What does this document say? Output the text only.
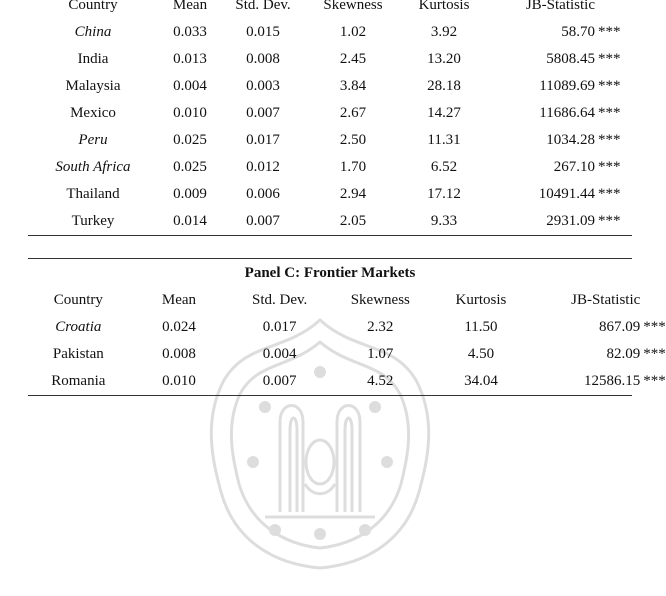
Country	Mean	Std. Dev.	Skewness	Kurtosis	JB-Statistic
China	0.033	0.015	1.02	3.92	58.70 ***
India	0.013	0.008	2.45	13.20	5808.45 ***
Malaysia	0.004	0.003	3.84	28.18	11089.69 ***
Mexico	0.010	0.007	2.67	14.27	11686.64 ***
Peru	0.025	0.017	2.50	11.31	1034.28 ***
South Africa	0.025	0.012	1.70	6.52	267.10 ***
Thailand	0.009	0.006	2.94	17.12	10491.44 ***
Turkey	0.014	0.007	2.05	9.33	2931.09 ***
Panel C: Frontier Markets					
Country	Mean	Std. Dev.	Skewness	Kurtosis	JB-Statistic
Croatia	0.024	0.017	2.32	11.50	867.09 ***
Pakistan	0.008	0.004	1.07	4.50	82.09 ***
Romania	0.010	0.007	4.52	34.04	12586.15 ***
